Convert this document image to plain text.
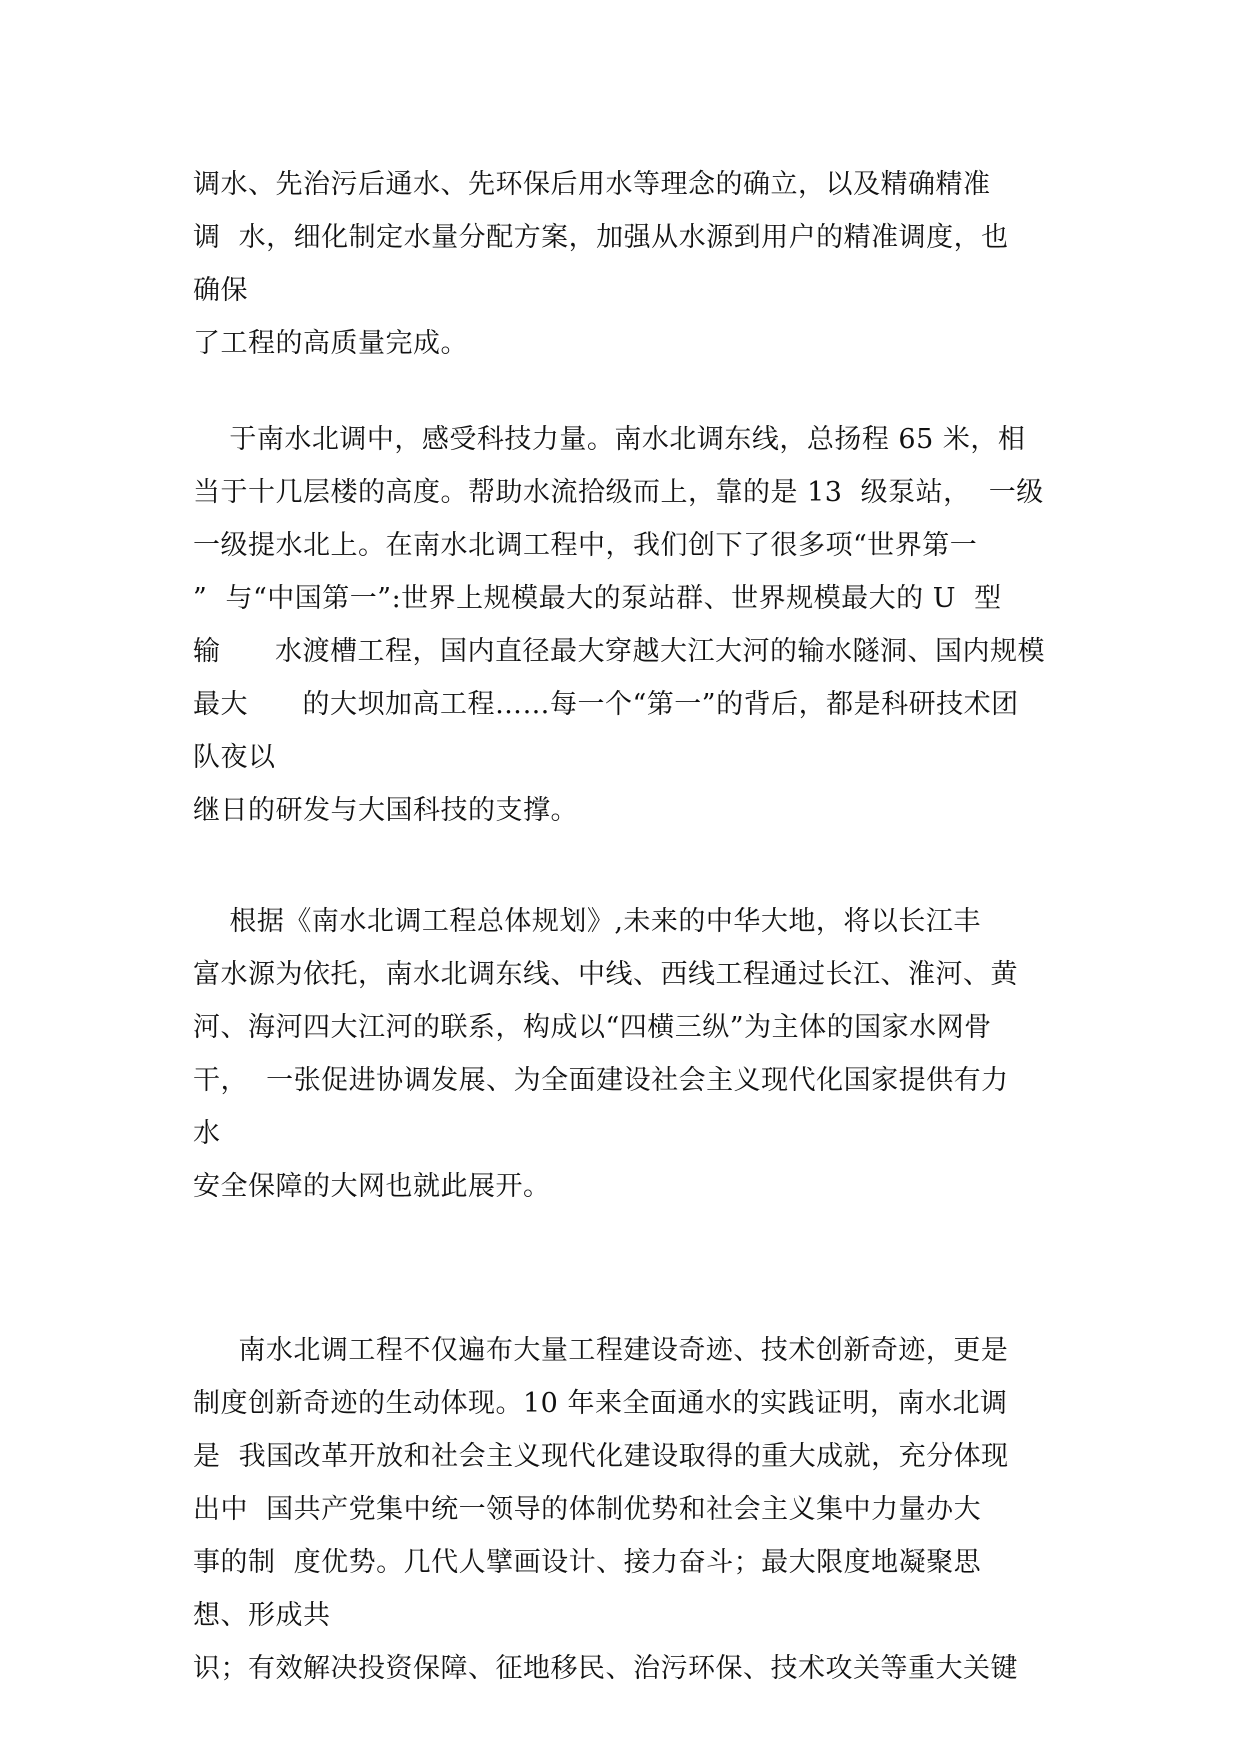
调水、先治污后通水、先环保后用水等理念的确立，以及精确精准
调  水，细化制定水量分配方案，加强从水源到用户的精准调度，也
确保
了工程的高质量完成。
于南水北调中，感受科技力量。南水北调东线，总扬程 65 米，相
当于十几层楼的高度。帮助水流拾级而上，靠的是 13  级泵站，  一级
一级提水北上。在南水北调工程中，我们创下了很多项“世界第一
”  与“中国第一”:世界上规模最大的泵站群、世界规模最大的 U  型
输      水渡槽工程，国内直径最大穿越大江大河的输水隧洞、国内规模
最大      的大坝加高工程……每一个“第一”的背后，都是科研技术团
队夜以
继日的研发与大国科技的支撑。
根据《南水北调工程总体规划》,未来的中华大地，将以长江丰
富水源为依托，南水北调东线、中线、西线工程通过长江、淮河、黄
河、海河四大江河的联系，构成以“四横三纵”为主体的国家水网骨
干，  一张促进协调发展、为全面建设社会主义现代化国家提供有力
水
安全保障的大网也就此展开。
南水北调工程不仅遍布大量工程建设奇迹、技术创新奇迹，更是
制度创新奇迹的生动体现。10 年来全面通水的实践证明，南水北调
是  我国改革开放和社会主义现代化建设取得的重大成就，充分体现
出中  国共产党集中统一领导的体制优势和社会主义集中力量办大
事的制  度优势。几代人擘画设计、接力奋斗；最大限度地凝聚思
想、形成共
识；有效解决投资保障、征地移民、治污环保、技术攻关等重大关键
